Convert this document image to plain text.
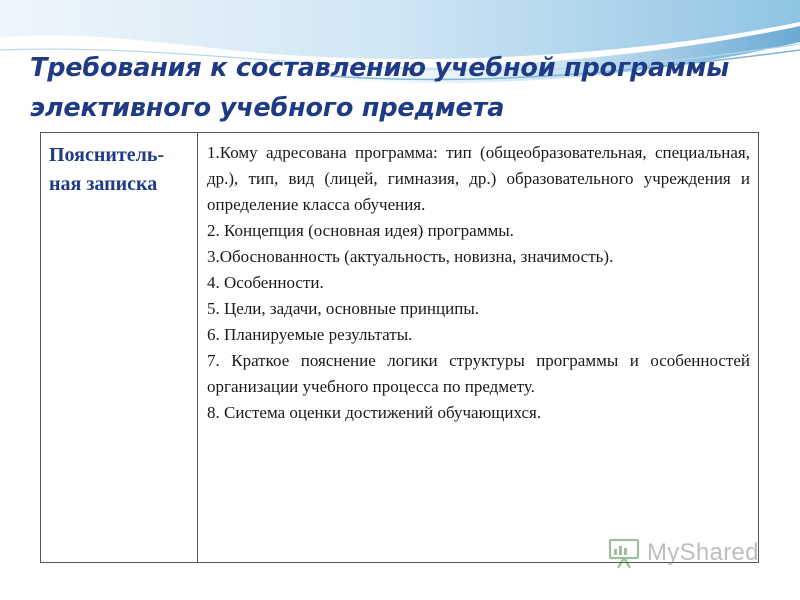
Требования к составлению учебной программы элективного учебного предмета
Пояснительная записка

1.Кому адресована программа: тип (общеобразовательная, специальная, др.), тип, вид (лицей, гимназия, др.) образовательного учреждения и определение класса обучения.

2. Концепция (основная идея) программы.

3.Обоснованность (актуальность, новизна, значимость).

4. Особенности.

5. Цели, задачи, основные принципы.

6. Планируемые результаты.

7. Краткое пояснение логики структуры программы и особенностей организации учебного процесса по предмету.

8. Система оценки достижений обучающихся.

MyShared
